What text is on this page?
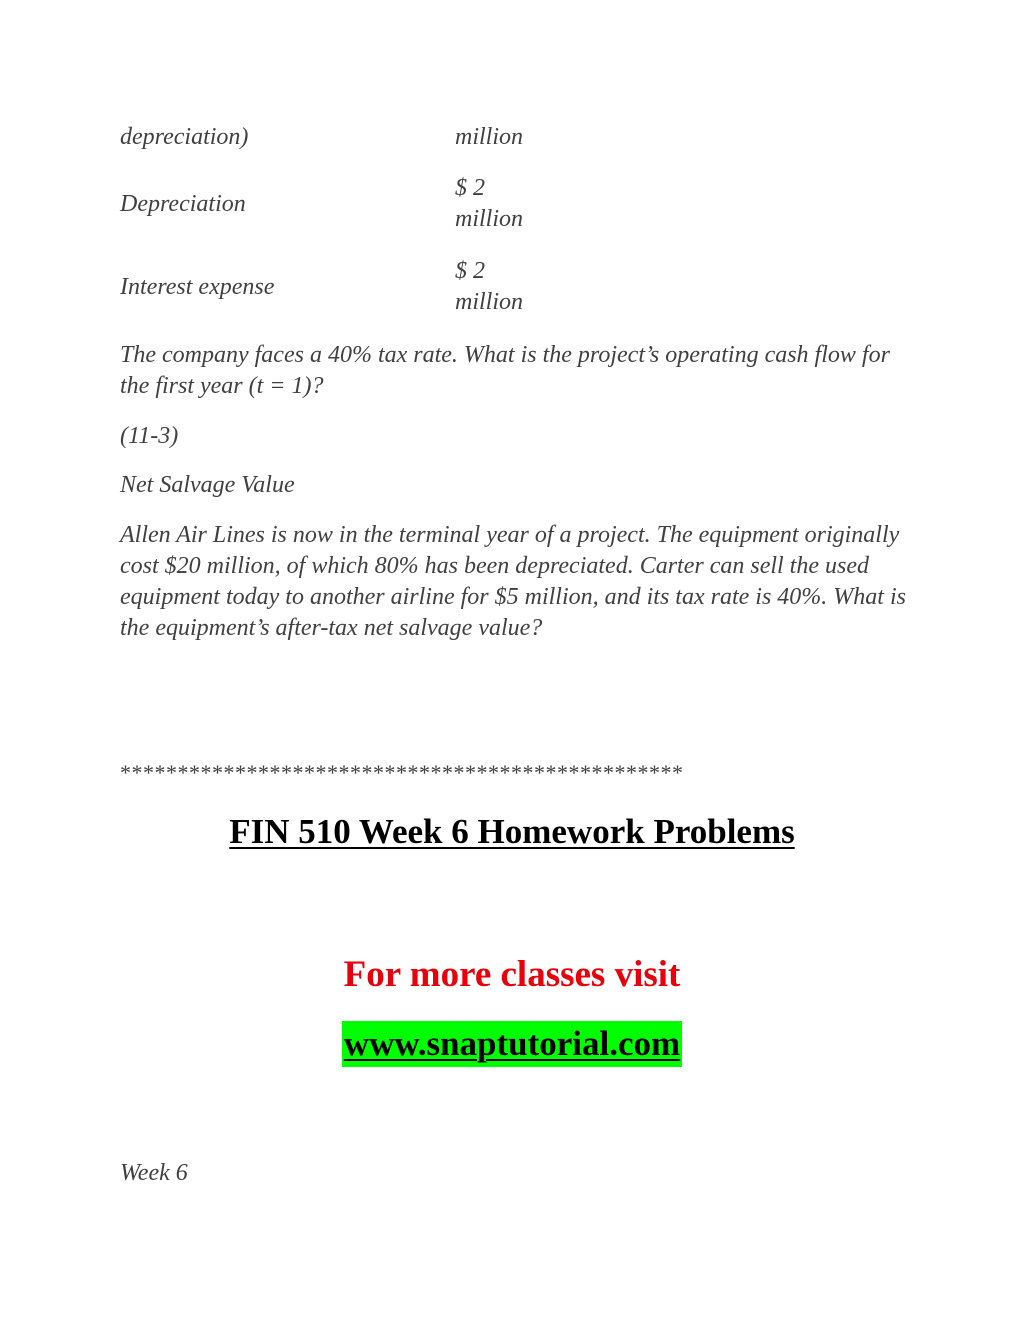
depreciation)	million
Depreciation
$ 2
million
Interest expense
$ 2
million
The company faces a 40% tax rate. What is the project’s operating cash flow for the first year (t = 1)?
(11-3)
Net Salvage Value
Allen Air Lines is now in the terminal year of a project. The equipment originally cost $20 million, of which 80% has been depreciated. Carter can sell the used equipment today to another airline for $5 million, and its tax rate is 40%. What is the equipment’s after-tax net salvage value?
*************************************************
FIN 510 Week 6 Homework Problems
For more classes visit
www.snaptutorial.com
Week 6
